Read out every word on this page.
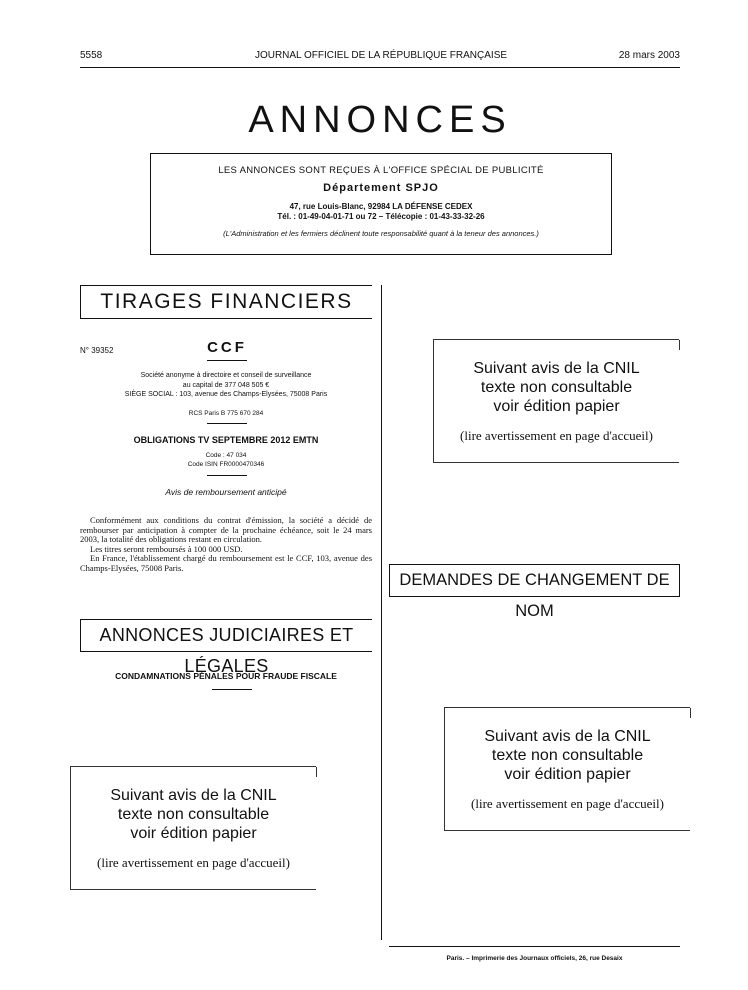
5558	JOURNAL OFFICIEL DE LA RÉPUBLIQUE FRANÇAISE	28 mars 2003
ANNONCES
LES ANNONCES SONT REÇUES À L'OFFICE SPÉCIAL DE PUBLICITÉ
Département SPJO
47, rue Louis-Blanc, 92984 LA DÉFENSE CEDEX
Tél. : 01-49-04-01-71 ou 72 – Télécopie : 01-43-33-32-26
(L'Administration et les fermiers déclinent toute responsabilité quant à la teneur des annonces.)
TIRAGES FINANCIERS
N° 39352	CCF
Société anonyme à directoire et conseil de surveillance
au capital de 377 048 505 €
SIÈGE SOCIAL : 103, avenue des Champs-Elysées, 75008 Paris
RCS Paris B 775 670 284
OBLIGATIONS TV SEPTEMBRE 2012 EMTN
Code : 47 034
Code ISIN FR0000470346
Avis de remboursement anticipé
Conformément aux conditions du contrat d'émission, la société a décidé de rembourser par anticipation à compter de la prochaine échéance, soit le 24 mars 2003, la totalité des obligations restant en circulation.
Les titres seront remboursés à 100 000 USD.
En France, l'établissement chargé du remboursement est le CCF, 103, avenue des Champs-Elysées, 75008 Paris.
ANNONCES JUDICIAIRES ET LÉGALES
CONDAMNATIONS PÉNALES POUR FRAUDE FISCALE
Suivant avis de la CNIL
texte non consultable
voir édition papier
(lire avertissement en page d'accueil)
Suivant avis de la CNIL
texte non consultable
voir édition papier
(lire avertissement en page d'accueil)
DEMANDES DE CHANGEMENT DE NOM
Suivant avis de la CNIL
texte non consultable
voir édition papier
(lire avertissement en page d'accueil)
Paris. – Imprimerie des Journaux officiels, 26, rue Desaix
